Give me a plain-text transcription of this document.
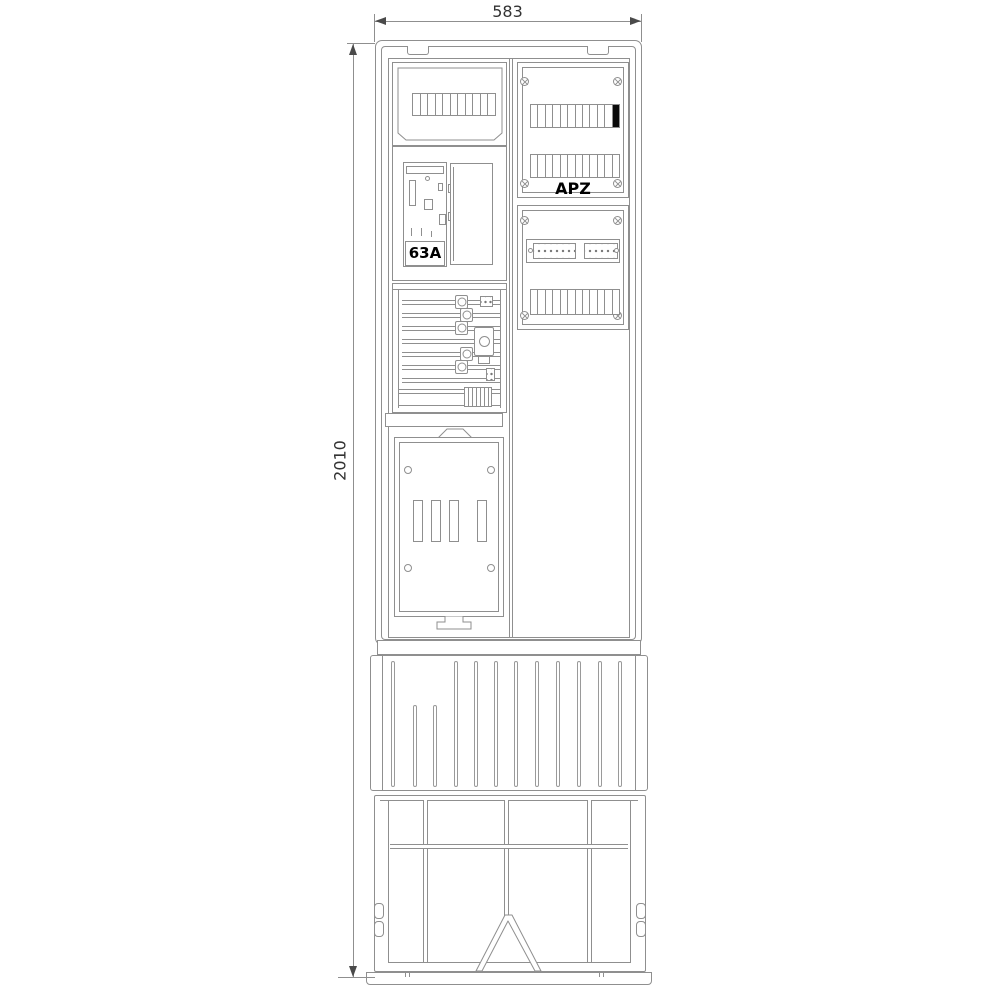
63A
APZ
583
2010
